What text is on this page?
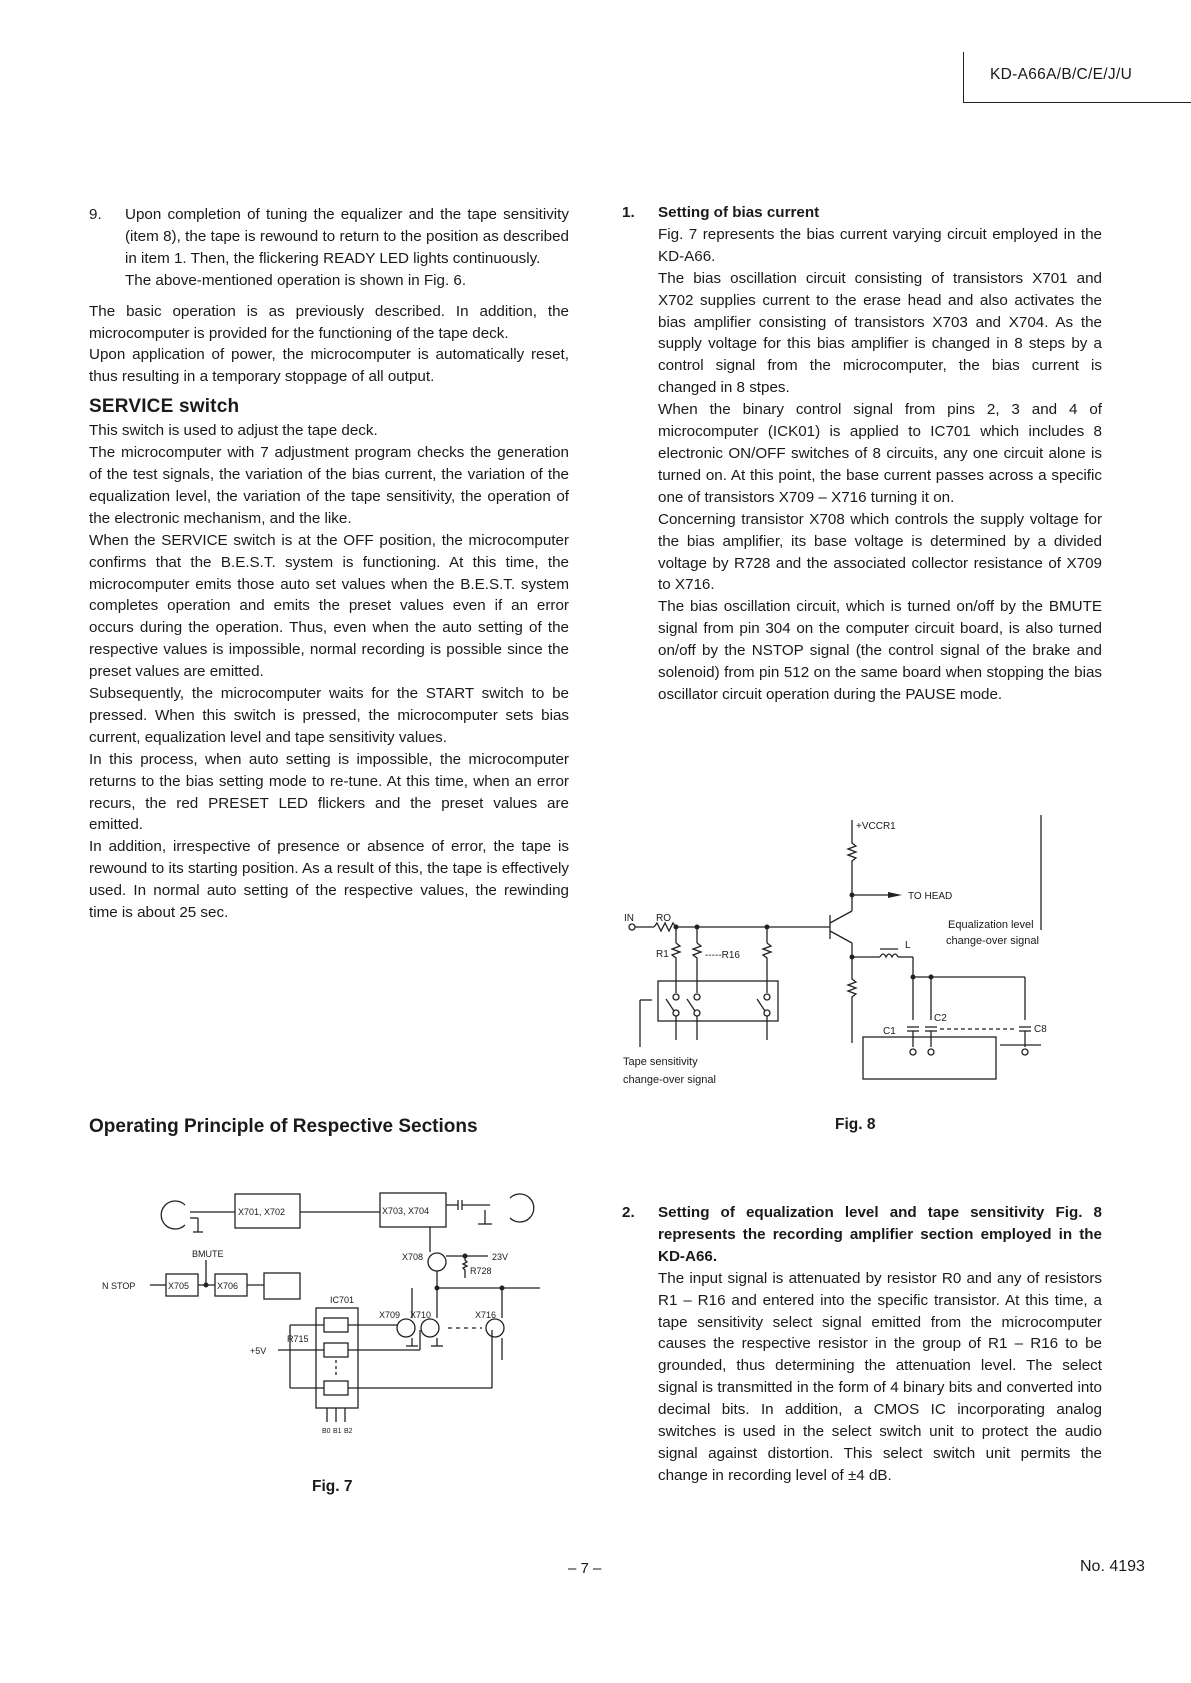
KD-A66A/B/C/E/J/U
9. Upon completion of tuning the equalizer and the tape sensitivity (item 8), the tape is rewound to return to the position as described in item 1. Then, the flickering READY LED lights continuously.

The above-mentioned operation is shown in Fig. 6.

The basic operation is as previously described. In addition, the microcomputer is provided for the functioning of the tape deck.

Upon application of power, the microcomputer is automatically reset, thus resulting in a temporary stoppage of all output.

SERVICE switch

This switch is used to adjust the tape deck.

The microcomputer with 7 adjustment program checks the generation of the test signals, the variation of the bias current, the variation of the equalization level, the variation of the tape sensitivity, the operation of the electronic mechanism, and the like.

When the SERVICE switch is at the OFF position, the microcomputer confirms that the B.E.S.T. system is functioning. At this time, the microcomputer emits those auto set values when the B.E.S.T. system completes operation and emits the preset values even if an error occurs during the operation. Thus, even when the auto setting of the respective values is impossible, normal recording is possible since the preset values are emitted.

Subsequently, the microcomputer waits for the START switch to be pressed. When this switch is pressed, the microcomputer sets bias current, equalization level and tape sensitivity values.

In this process, when auto setting is impossible, the microcomputer returns to the bias setting mode to re-tune. At this time, when an error recurs, the red PRESET LED flickers and the preset values are emitted.

In addition, irrespective of presence or absence of error, the tape is rewound to its starting position. As a result of this, the tape is effectively used. In normal auto setting of the respective values, the rewinding time is about 25 sec.

Operating Principle of Respective Sections
X701, X702	X703, X704
BMUTE
N STOP	X705	X706
X708	23V
R728
IC701
X709 X710	X716
R715
+5V
B0 B1 B2
Fig. 7
1. Setting of bias current

Fig. 7 represents the bias current varying circuit employed in the KD-A66.

The bias oscillation circuit consisting of transistors X701 and X702 supplies current to the erase head and also activates the bias amplifier consisting of transistors X703 and X704. As the supply voltage for this bias amplifier is changed in 8 steps by a control signal from the microcomputer, the bias current is changed in 8 stpes.

When the binary control signal from pins 2, 3 and 4 of microcomputer (ICK01) is applied to IC701 which includes 8 electronic ON/OFF switches of 8 circuits, any one circuit alone is turned on. At this point, the base current passes across a specific one of transistors X709 – X716 turning it on.

Concerning transistor X708 which controls the supply voltage for the bias amplifier, its base voltage is determined by a divided voltage by R728 and the associated collector resistance of X709 to X716.

The bias oscillation circuit, which is turned on/off by the BMUTE signal from pin 304 on the computer circuit board, is also turned on/off by the NSTOP signal (the control signal of the brake and solenoid) from pin 512 on the same board when stopping the bias oscillator circuit operation during the PAUSE mode.

+VCCR1
TO HEAD
IN RO
R1	-----R16
L
C1
C2
C8
Equalization level
change-over signal
Tape sensitivity
change-over signal
Fig. 8
2. Setting of equalization level and tape sensitivity Fig. 8 represents the recording amplifier section employed in the KD-A66.

The input signal is attenuated by resistor R0 and any of resistors R1 – R16 and entered into the specific transistor. At this time, a tape sensitivity select signal emitted from the microcomputer causes the respective resistor in the group of R1 – R16 to be grounded, thus determining the attenuation level. The select signal is transmitted in the form of 4 binary bits and converted into decimal bits. In addition, a CMOS IC incorporating analog switches is used in the select switch unit to protect the audio signal against distortion. This select switch unit permits the change in recording level of ±4 dB.

– 7 –	No. 4193
